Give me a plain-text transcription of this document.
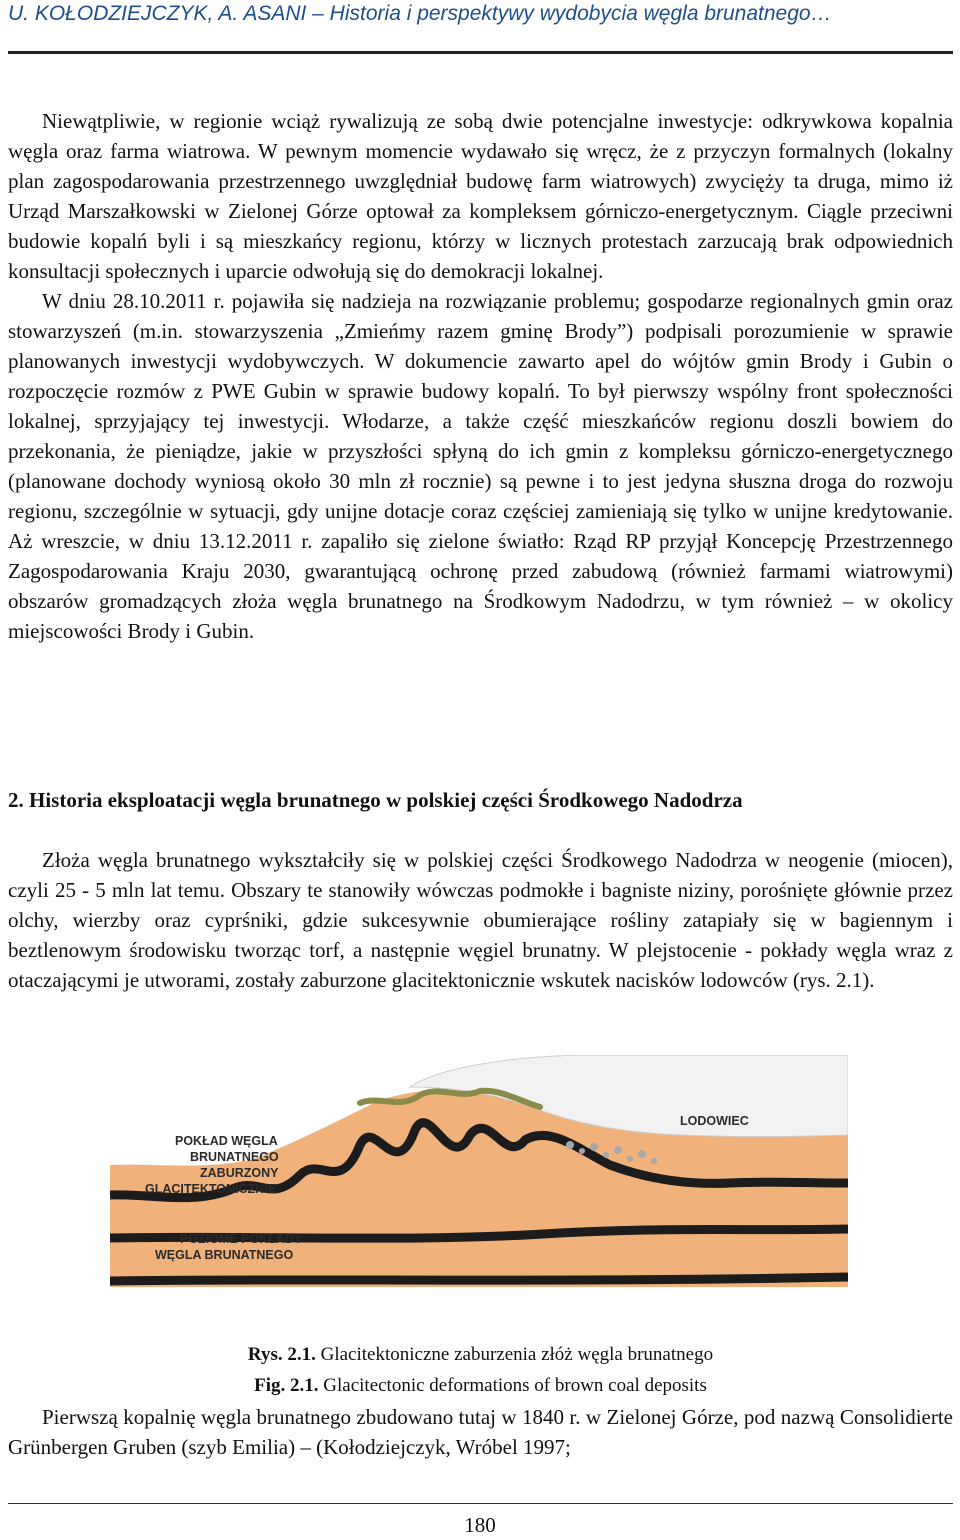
U. KOŁODZIEJCZYK, A. ASANI – Historia i perspektywy wydobycia węgla brunatnego…

Niewątpliwie, w regionie wciąż rywalizują ze sobą dwie potencjalne inwestycje: odkrywkowa kopalnia węgla oraz farma wiatrowa. W pewnym momencie wydawało się wręcz, że z przyczyn formalnych (lokalny plan zagospodarowania przestrzennego uwzględniał budowę farm wiatrowych) zwycięży ta druga, mimo iż Urząd Marszałkowski w Zielonej Górze optował za kompleksem górniczo-energetycznym. Ciągle przeciwni budowie kopalń byli i są mieszkańcy regionu, którzy w licznych protestach zarzucają brak odpowiednich konsultacji społecznych i uparcie odwołują się do demokracji lokalnej.

W dniu 28.10.2011 r. pojawiła się nadzieja na rozwiązanie problemu; gospodarze regionalnych gmin oraz stowarzyszeń (m.in. stowarzyszenia „Zmieńmy razem gminę Brody”) podpisali porozumienie w sprawie planowanych inwestycji wydobywczych. W dokumencie zawarto apel do wójtów gmin Brody i Gubin o rozpoczęcie rozmów z PWE Gubin w sprawie budowy kopalń. To był pierwszy wspólny front społeczności lokalnej, sprzyjający tej inwestycji. Włodarze, a także część mieszkańców regionu doszli bowiem do przekonania, że pieniądze, jakie w przyszłości spłyną do ich gmin z kompleksu górniczo-energetycznego (planowane dochody wyniosą około 30 mln zł rocznie) są pewne i to jest jedyna słuszna droga do rozwoju regionu, szczególnie w sytuacji, gdy unijne dotacje coraz częściej zamieniają się tylko w unijne kredytowanie. Aż wreszcie, w dniu 13.12.2011 r. zapaliło się zielone światło: Rząd RP przyjął Koncepcję Przestrzennego Zagospodarowania Kraju 2030, gwarantującą ochronę przed zabudową (również farmami wiatrowymi) obszarów gromadzących złoża węgla brunatnego na Środkowym Nadodrzu, w tym również – w okolicy miejscowości Brody i Gubin.

2. Historia eksploatacji węgla brunatnego w polskiej części Środkowego Nadodrza

Złoża węgla brunatnego wykształciły się w polskiej części Środkowego Nadodrza w neogenie (miocen), czyli 25 - 5 mln lat temu. Obszary te stanowiły wówczas podmokłe i bagniste niziny, porośnięte głównie przez olchy, wierzby oraz cyprśniki, gdzie sukcesywnie obumierające rośliny zatapiały się w bagiennym i beztlenowym środowisku tworząc torf, a następnie węgiel brunatny. W plejstocenie - pokłady węgla wraz z otaczającymi je utworami, zostały zaburzone glacitektonicznie wskutek nacisków lodowców (rys. 2.1).

LODOWIEC
POKŁAD WĘGLA
BRUNATNEGO
ZABURZONY
GLACITEKTONICZNIE
POZIOME POKŁADY
WĘGLA BRUNATNEGO
Rys. 2.1. Glacitektoniczne zaburzenia złóż węgla brunatnego
Fig. 2.1. Glacitectonic deformations of brown coal deposits

Pierwszą kopalnię węgla brunatnego zbudowano tutaj w 1840 r. w Zielonej Górze, pod nazwą Consolidierte Grünbergen Gruben (szyb Emilia) – (Kołodziejczyk, Wróbel 1997;

180
